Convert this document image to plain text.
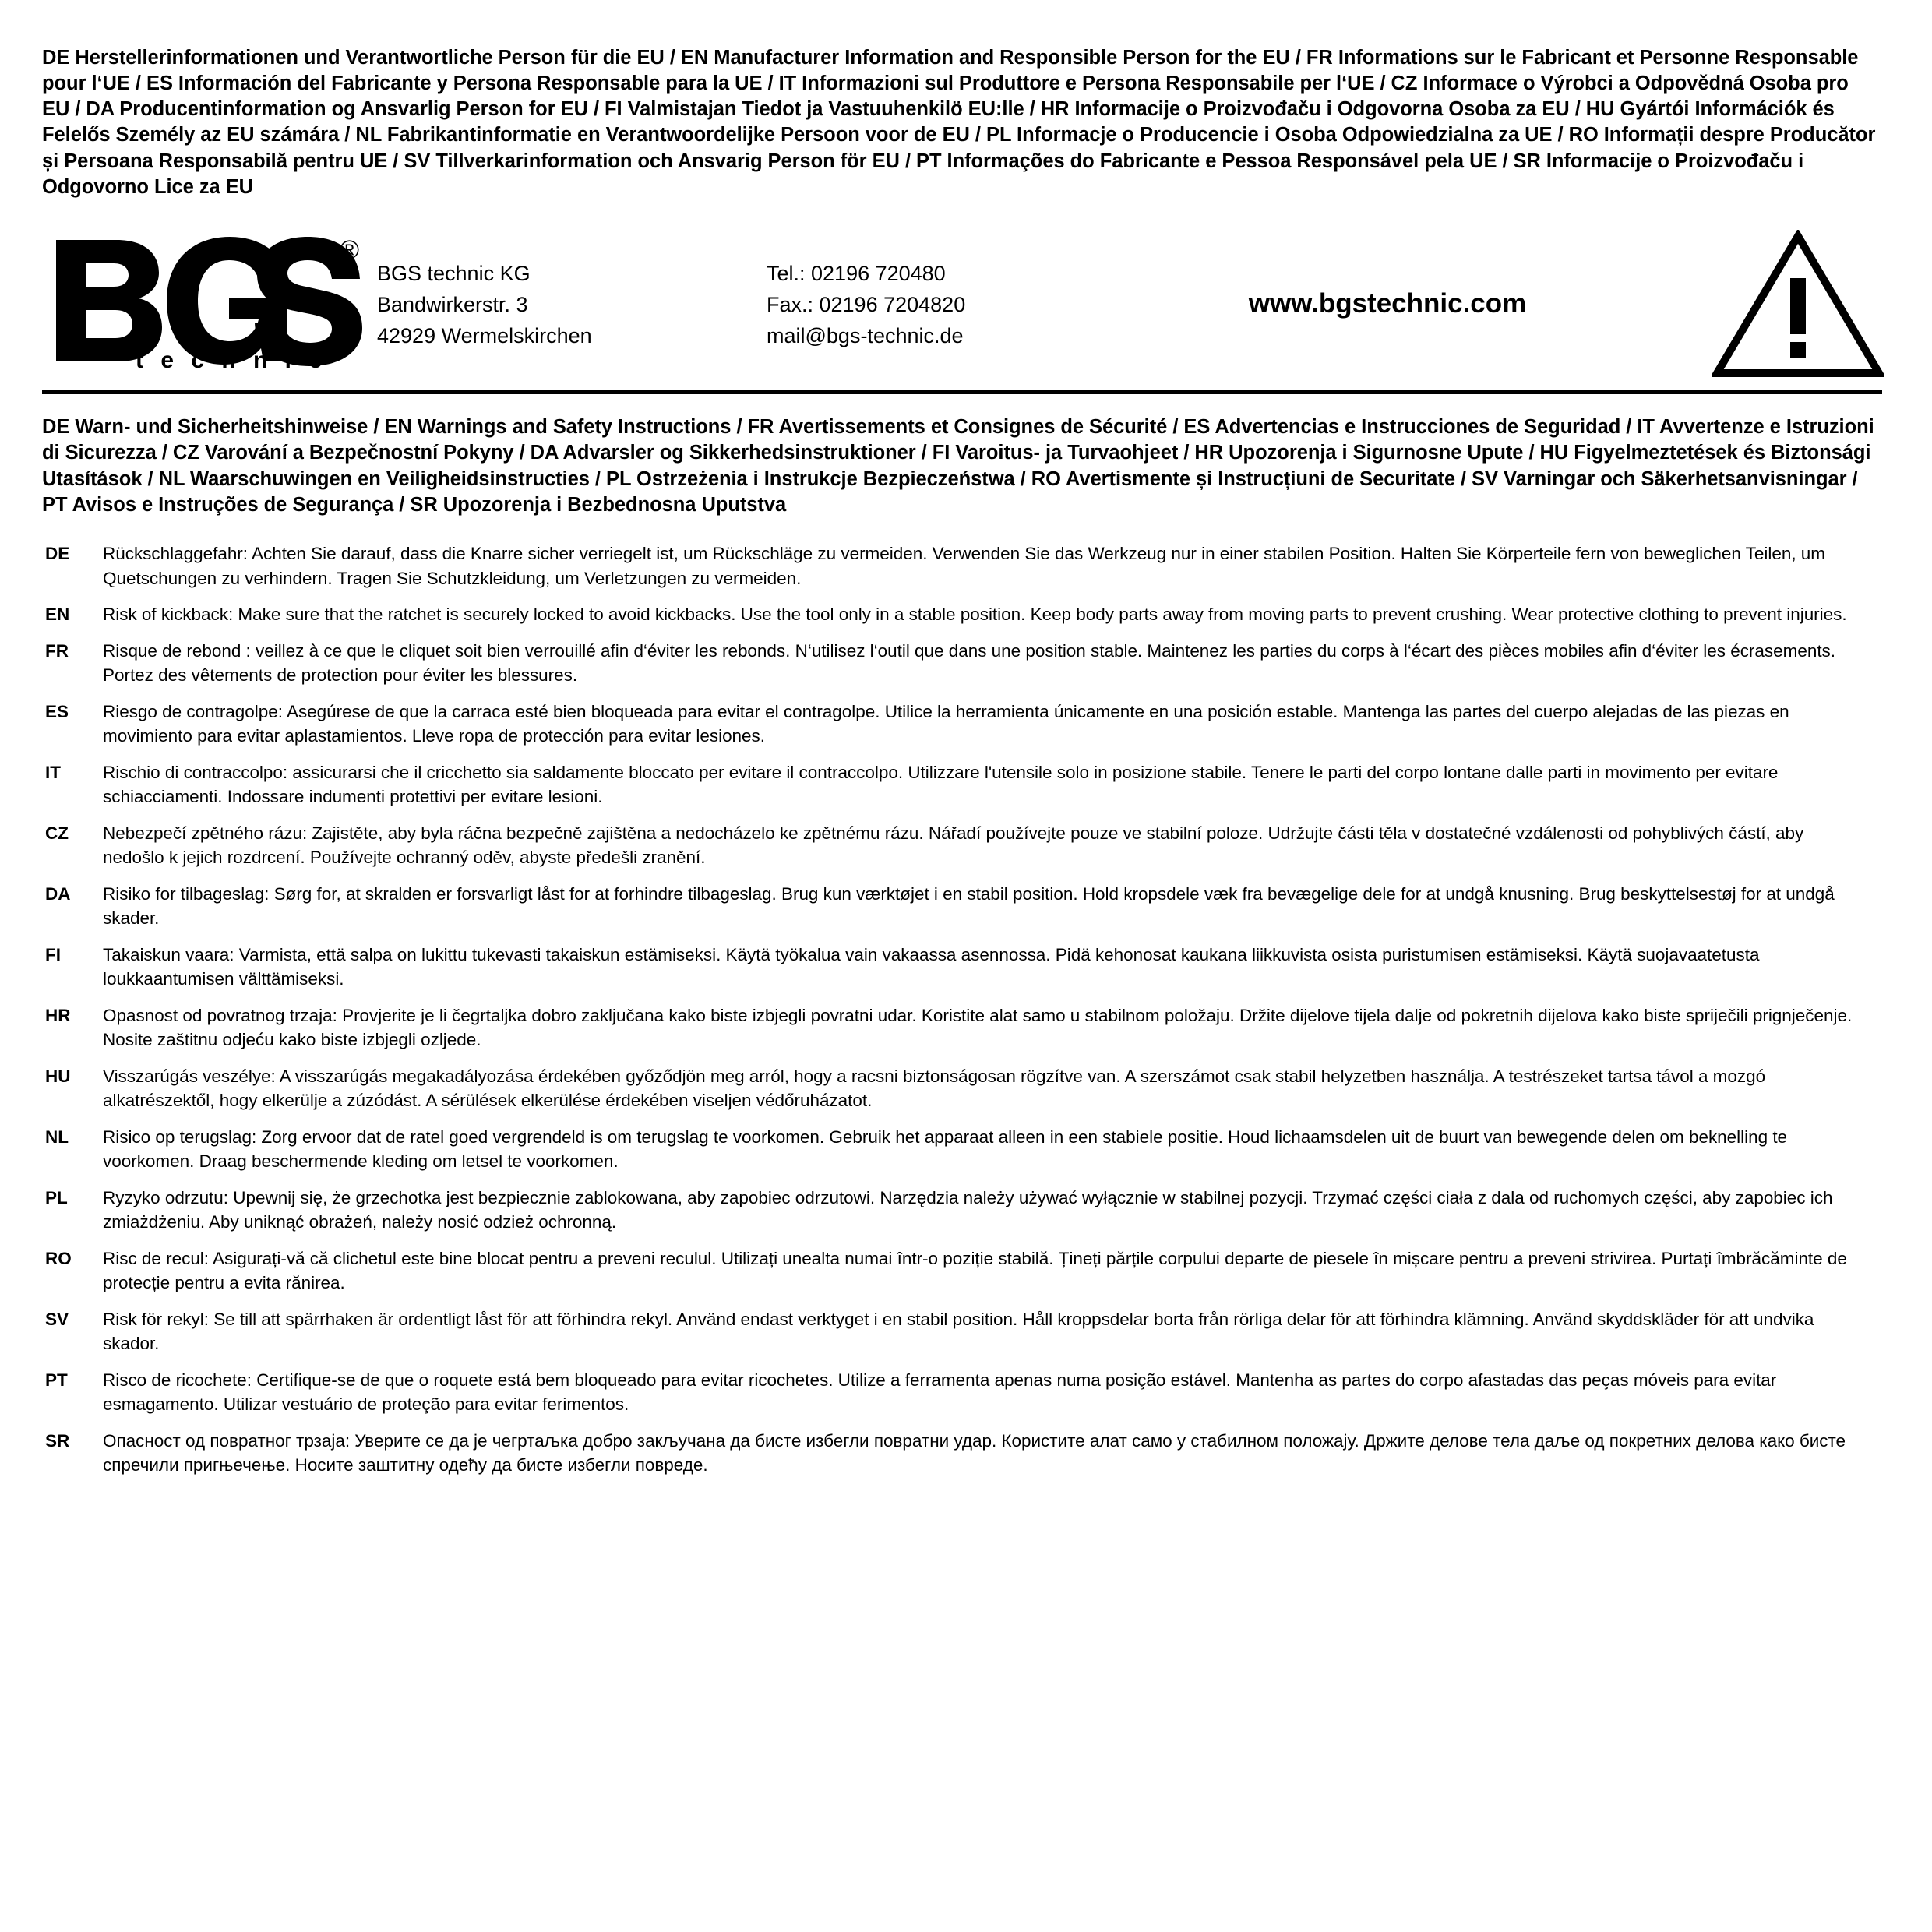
DE Herstellerinformationen und Verantwortliche Person für die EU / EN Manufacturer Information and Responsible Person for the EU / FR Informations sur le Fabricant et Personne Responsable pour l‘UE / ES Información del Fabricante y Persona Responsable para la UE / IT Informazioni sul Produttore e Persona Responsabile per l‘UE / CZ Informace o Výrobci a Odpovědná Osoba pro EU / DA Producentinformation og Ansvarlig Person for EU / FI Valmistajan Tiedot ja Vastuuhenkilö EU:lle / HR Informacije o Proizvođaču i Odgovorna Osoba za EU / HU Gyártói Információk és Felelős Személy az EU számára / NL Fabrikantinformatie en Verantwoordelijke Persoon voor de EU / PL Informacje o Producencie i Osoba Odpowiedzialna za UE / RO Informații despre Producător și Persoana Responsabilă pentru UE / SV Tillverkarinformation och Ansvarig Person för EU / PT Informações do Fabricante e Pessoa Responsável pela UE / SR Informacije o Proizvođaču i Odgovorno Lice za EU
®
t e c h n i c
BGS technic KG
Bandwirkerstr. 3
42929 Wermelskirchen
Tel.: 02196 720480
Fax.: 02196 7204820
mail@bgs-technic.de
www.bgstechnic.com
DE Warn- und Sicherheitshinweise / EN Warnings and Safety Instructions / FR Avertissements et Consignes de Sécurité / ES Advertencias e Instrucciones de Seguridad / IT Avvertenze e Istruzioni di Sicurezza / CZ Varování a Bezpečnostní Pokyny / DA Advarsler og Sikkerhedsinstruktioner / FI Varoitus- ja Turvaohjeet / HR Upozorenja i Sigurnosne Upute / HU Figyelmeztetések és Biztonsági Utasítások / NL Waarschuwingen en Veiligheidsinstructies / PL Ostrzeżenia i Instrukcje Bezpieczeństwa / RO Avertismente și Instrucțiuni de Securitate / SV Varningar och Säkerhetsanvisningar / PT Avisos e Instruções de Segurança / SR Upozorenja i Bezbednosna Uputstva
DE	Rückschlaggefahr: Achten Sie darauf, dass die Knarre sicher verriegelt ist, um Rückschläge zu vermeiden. Verwenden Sie das Werkzeug nur in einer stabilen Position. Halten Sie Körperteile fern von beweglichen Teilen, um Quetschungen zu verhindern. Tragen Sie Schutzkleidung, um Verletzungen zu vermeiden.
EN	Risk of kickback: Make sure that the ratchet is securely locked to avoid kickbacks. Use the tool only in a stable position. Keep body parts away from moving parts to prevent crushing. Wear protective clothing to prevent injuries.
FR	Risque de rebond : veillez à ce que le cliquet soit bien verrouillé afin d‘éviter les rebonds. N‘utilisez l‘outil que dans une position stable. Maintenez les parties du corps à l‘écart des pièces mobiles afin d‘éviter les écrasements. Portez des vêtements de protection pour éviter les blessures.
ES	Riesgo de contragolpe: Asegúrese de que la carraca esté bien bloqueada para evitar el contragolpe. Utilice la herramienta únicamente en una posición estable. Mantenga las partes del cuerpo alejadas de las piezas en movimiento para evitar aplastamientos. Lleve ropa de protección para evitar lesiones.
IT	Rischio di contraccolpo: assicurarsi che il cricchetto sia saldamente bloccato per evitare il contraccolpo. Utilizzare l'utensile solo in posizione stabile. Tenere le parti del corpo lontane dalle parti in movimento per evitare schiacciamenti. Indossare indumenti protettivi per evitare lesioni.
CZ	Nebezpečí zpětného rázu: Zajistěte, aby byla ráčna bezpečně zajištěna a nedocházelo ke zpětnému rázu. Nářadí používejte pouze ve stabilní poloze. Udržujte části těla v dostatečné vzdálenosti od pohyblivých částí, aby nedošlo k jejich rozdrcení. Používejte ochranný oděv, abyste předešli zranění.
DA	Risiko for tilbageslag: Sørg for, at skralden er forsvarligt låst for at forhindre tilbageslag. Brug kun værktøjet i en stabil position. Hold kropsdele væk fra bevægelige dele for at undgå knusning. Brug beskyttelsestøj for at undgå skader.
FI	Takaiskun vaara: Varmista, että salpa on lukittu tukevasti takaiskun estämiseksi. Käytä työkalua vain vakaassa asennossa. Pidä kehonosat kaukana liikkuvista osista puristumisen estämiseksi. Käytä suojavaatetusta loukkaantumisen välttämiseksi.
HR	Opasnost od povratnog trzaja: Provjerite je li čegrtaljka dobro zaključana kako biste izbjegli povratni udar. Koristite alat samo u stabilnom položaju. Držite dijelove tijela dalje od pokretnih dijelova kako biste spriječili prignječenje. Nosite zaštitnu odjeću kako biste izbjegli ozljede.
HU	Visszarúgás veszélye: A visszarúgás megakadályozása érdekében győződjön meg arról, hogy a racsni biztonságosan rögzítve van. A szerszámot csak stabil helyzetben használja. A testrészeket tartsa távol a mozgó alkatrészektől, hogy elkerülje a zúzódást. A sérülések elkerülése érdekében viseljen védőruházatot.
NL	Risico op terugslag: Zorg ervoor dat de ratel goed vergrendeld is om terugslag te voorkomen. Gebruik het apparaat alleen in een stabiele positie. Houd lichaamsdelen uit de buurt van bewegende delen om beknelling te voorkomen. Draag beschermende kleding om letsel te voorkomen.
PL	Ryzyko odrzutu: Upewnij się, że grzechotka jest bezpiecznie zablokowana, aby zapobiec odrzutowi. Narzędzia należy używać wyłącznie w stabilnej pozycji. Trzymać części ciała z dala od ruchomych części, aby zapobiec ich zmiażdżeniu. Aby uniknąć obrażeń, należy nosić odzież ochronną.
RO	Risc de recul: Asigurați-vă că clichetul este bine blocat pentru a preveni reculul. Utilizați unealta numai într-o poziție stabilă. Țineți părțile corpului departe de piesele în mișcare pentru a preveni strivirea. Purtați îmbrăcăminte de protecție pentru a evita rănirea.
SV	Risk för rekyl: Se till att spärrhaken är ordentligt låst för att förhindra rekyl. Använd endast verktyget i en stabil position. Håll kroppsdelar borta från rörliga delar för att förhindra klämning. Använd skyddskläder för att undvika skador.
PT	Risco de ricochete: Certifique-se de que o roquete está bem bloqueado para evitar ricochetes. Utilize a ferramenta apenas numa posição estável. Mantenha as partes do corpo afastadas das peças móveis para evitar esmagamento. Utilizar vestuário de proteção para evitar ferimentos.
SR	Опасност од повратног трзаја: Уверите се да је чегртаљка добро закључана да бисте избегли повратни удар. Користите алат само у стабилном положају. Држите делове тела даље од покретних делова како бисте спречили пригњечење. Носите заштитну одећу да бисте избегли повреде.
